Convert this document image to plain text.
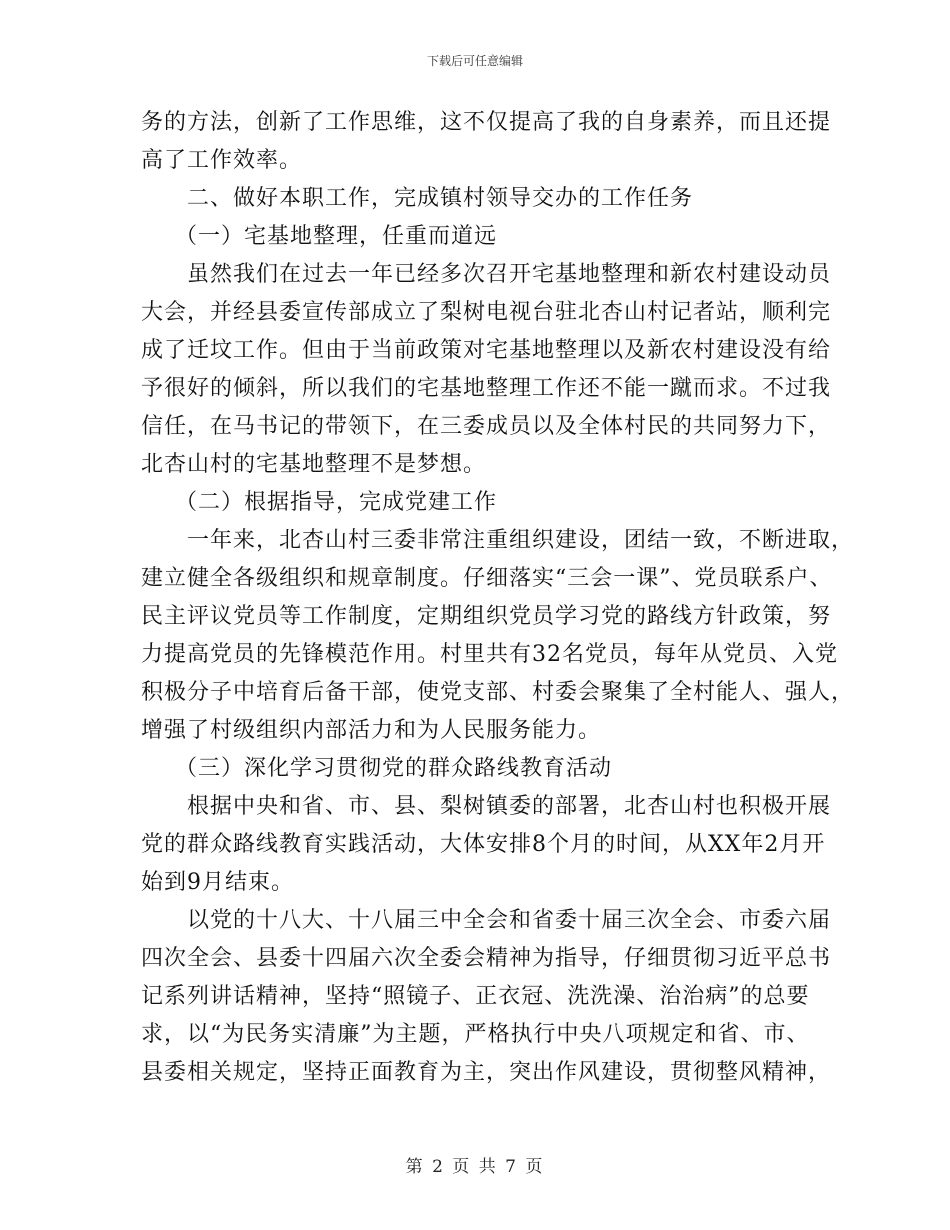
下载后可任意编辑
务的方法，创新了工作思维，这不仅提高了我的自身素养，而且还提
高了工作效率。
二、做好本职工作，完成镇村领导交办的工作任务
（一）宅基地整理，任重而道远
虽然我们在过去一年已经多次召开宅基地整理和新农村建设动员
大会，并经县委宣传部成立了梨树电视台驻北杏山村记者站，顺利完
成了迁坟工作。但由于当前政策对宅基地整理以及新农村建设没有给
予很好的倾斜，所以我们的宅基地整理工作还不能一蹴而求。不过我
信任，在马书记的带领下，在三委成员以及全体村民的共同努力下，
北杏山村的宅基地整理不是梦想。
（二）根据指导，完成党建工作
一年来，北杏山村三委非常注重组织建设，团结一致，不断进取，
建立健全各级组织和规章制度。仔细落实“三会一课”、党员联系户、
民主评议党员等工作制度，定期组织党员学习党的路线方针政策，努
力提高党员的先锋模范作用。村里共有32名党员，每年从党员、入党
积极分子中培育后备干部，使党支部、村委会聚集了全村能人、强人，
增强了村级组织内部活力和为人民服务能力。
（三）深化学习贯彻党的群众路线教育活动
根据中央和省、市、县、梨树镇委的部署，北杏山村也积极开展
党的群众路线教育实践活动，大体安排8个月的时间，从XX年2月开
始到9月结束。
以党的十八大、十八届三中全会和省委十届三次全会、市委六届
四次全会、县委十四届六次全委会精神为指导，仔细贯彻习近平总书
记系列讲话精神，坚持“照镜子、正衣冠、洗洗澡、治治病”的总要
求，以“为民务实清廉”为主题，严格执行中央八项规定和省、市、
县委相关规定，坚持正面教育为主，突出作风建设，贯彻整风精神，
第 2 页 共 7 页
